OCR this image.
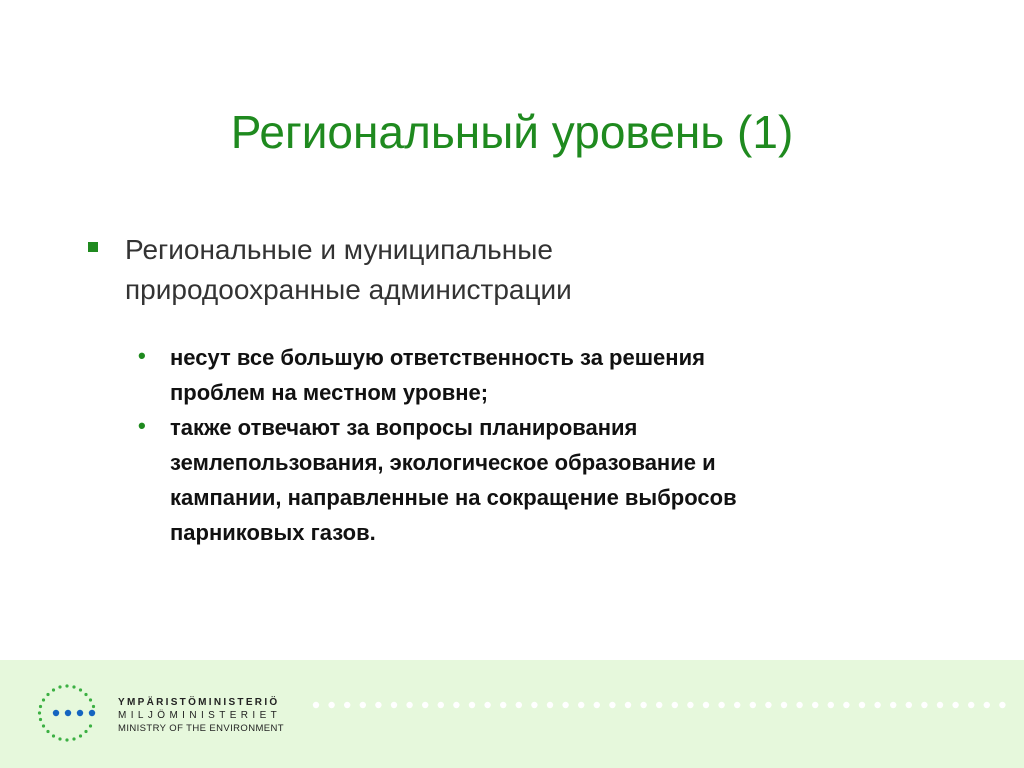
Региональный уровень (1)
Региональные и муниципальные
природоохранные администрации
• несут все большую ответственность за решения
проблем на местном уровне;
• также отвечают за вопросы планирования
землепользования, экологическое образование и
кампании, направленные на сокращение выбросов
парниковых газов.
YMPÄRISTÖMINISTERIÖ
MILJÖMINISTERIET
MINISTRY OF THE ENVIRONMENT
